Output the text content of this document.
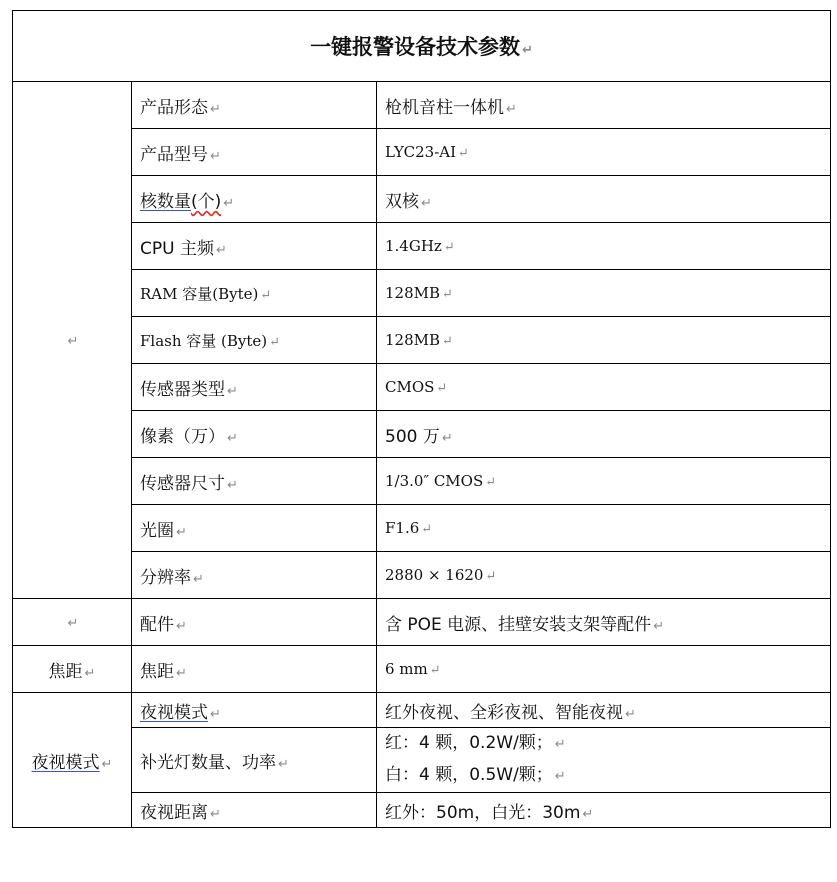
一键报警设备技术参数 ↵		
↵	产品形态 ↵	枪机音柱一体机 ↵
	产品型号 ↵	LYC23-AI ↵
	核数量(个) ↵	双核 ↵
	CPU 主频 ↵	1.4GHz ↵
	RAM 容量(Byte) ↵	128MB ↵
	Flash 容量 (Byte) ↵	128MB ↵
	传感器类型 ↵	CMOS ↵
	像素（万） ↵	500 万 ↵
	传感器尺寸 ↵	1/3.0″ CMOS ↵
	光圈 ↵	F1.6 ↵
	分辨率 ↵	2880 × 1620 ↵
↵	配件 ↵	含 POE 电源、挂壁安装支架等配件 ↵
焦距 ↵	焦距 ↵	6 mm ↵
夜视模式 ↵	夜视模式 ↵	红外夜视、全彩夜视、智能夜视 ↵
	补光灯数量、功率 ↵	红：4 颗，0.2W/颗； ↵
白：4 颗，0.5W/颗； ↵

	夜视距离 ↵	红外：50m，白光：30m ↵
